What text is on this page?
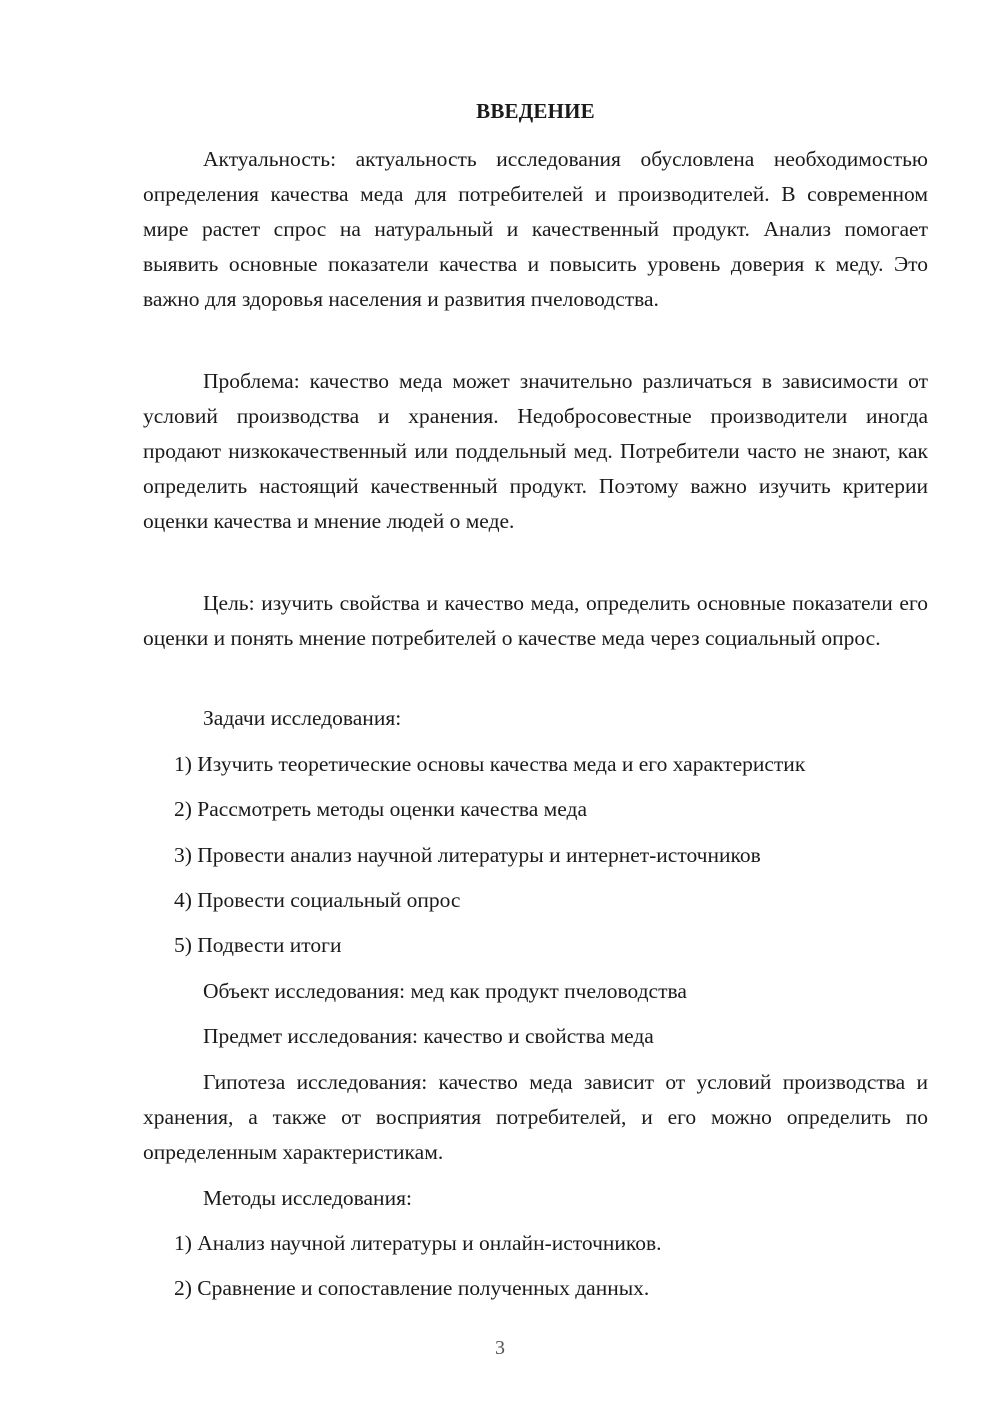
ВВЕДЕНИЕ

Актуальность: актуальность исследования обусловлена необходимостью определения качества меда для потребителей и производителей. В современном мире растет спрос на натуральный и качественный продукт. Анализ помогает выявить основные показатели качества и повысить уровень доверия к меду. Это важно для здоровья населения и развития пчеловодства.

Проблема: качество меда может значительно различаться в зависимости от условий производства и хранения. Недобросовестные производители иногда продают низкокачественный или поддельный мед. Потребители часто не знают, как определить настоящий качественный продукт. Поэтому важно изучить критерии оценки качества и мнение людей о меде.

Цель: изучить свойства и качество меда, определить основные показатели его оценки и понять мнение потребителей о качестве меда через социальный опрос.

Задачи исследования:

1) Изучить теоретические основы качества меда и его характеристик

2) Рассмотреть методы оценки качества меда

3) Провести анализ научной литературы и интернет-источников

4) Провести социальный опрос

5) Подвести итоги

Объект исследования: мед как продукт пчеловодства

Предмет исследования: качество и свойства меда

Гипотеза исследования: качество меда зависит от условий производства и хранения, а также от восприятия потребителей, и его можно определить по определенным характеристикам.

Методы исследования:

1) Анализ научной литературы и онлайн-источников.

2) Сравнение и сопоставление полученных данных.

3
